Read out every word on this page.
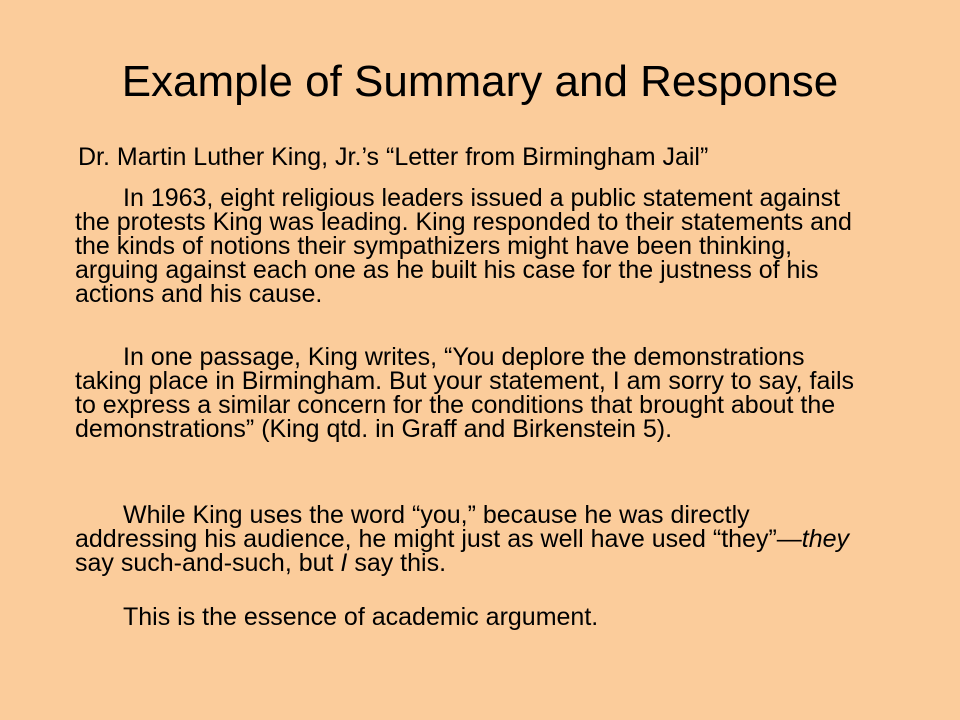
Example of Summary and Response

Dr. Martin Luther King, Jr.’s “Letter from Birmingham Jail”

In 1963, eight religious leaders issued a public statement against the protests King was leading. King responded to their statements and the kinds of notions their sympathizers might have been thinking, arguing against each one as he built his case for the justness of his actions and his cause.

In one passage, King writes, “You deplore the demonstrations taking place in Birmingham. But your statement, I am sorry to say, fails to express a similar concern for the conditions that brought about the demonstrations” (King qtd. in Graff and Birkenstein 5).

While King uses the word “you,” because he was directly addressing his audience, he might just as well have used “they”—they say such-and-such, but I say this.

This is the essence of academic argument.
